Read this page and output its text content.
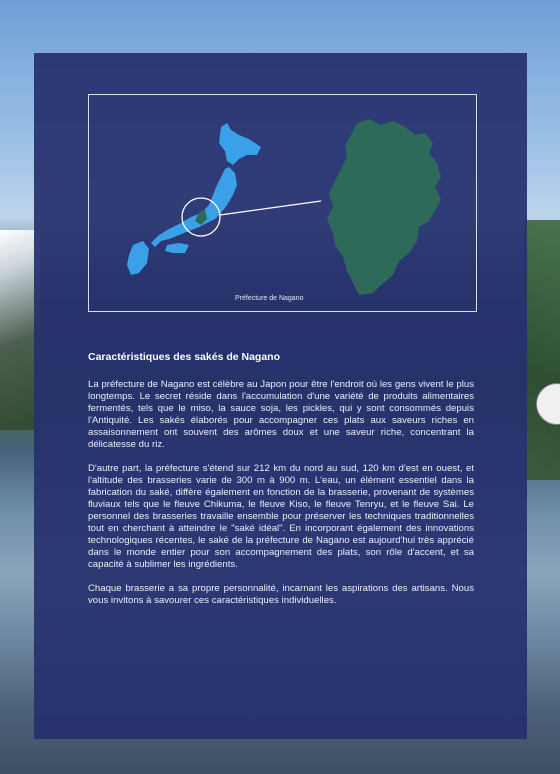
Préfecture de Nagano
Caractéristiques des sakés de Nagano

La préfecture de Nagano est célèbre au Japon pour être l'endroit où les gens vivent le plus longtemps. Le secret réside dans l'accumulation d'une variété de produits alimentaires fermentés, tels que le miso, la sauce soja, les pickles, qui y sont consommés depuis l'Antiquité. Les sakés élaborés pour accompagner ces plats aux saveurs riches en assaisonnement ont souvent des arômes doux et une saveur riche, concentrant la délicatesse du riz.

D'autre part, la préfecture s'étend sur 212 km du nord au sud, 120 km d'est en ouest, et l'altitude des brasseries varie de 300 m à 900 m. L'eau, un élément essentiel dans la fabrication du saké, diffère également en fonction de la brasserie, provenant de systèmes fluviaux tels que le fleuve Chikuma, le fleuve Kiso, le fleuve Tenryu, et le fleuve Sai. Le personnel des brasseries travaille ensemble pour préserver les techniques traditionnelles tout en cherchant à atteindre le "saké idéal". En incorporant également des innovations technologiques récentes, le saké de la préfecture de Nagano est aujourd'hui très apprécié dans le monde entier pour son accompagnement des plats, son rôle d'accent, et sa capacité à sublimer les ingrédients.

Chaque brasserie a sa propre personnalité, incarnant les aspirations des artisans. Nous vous invitons à savourer ces caractéristiques individuelles.
